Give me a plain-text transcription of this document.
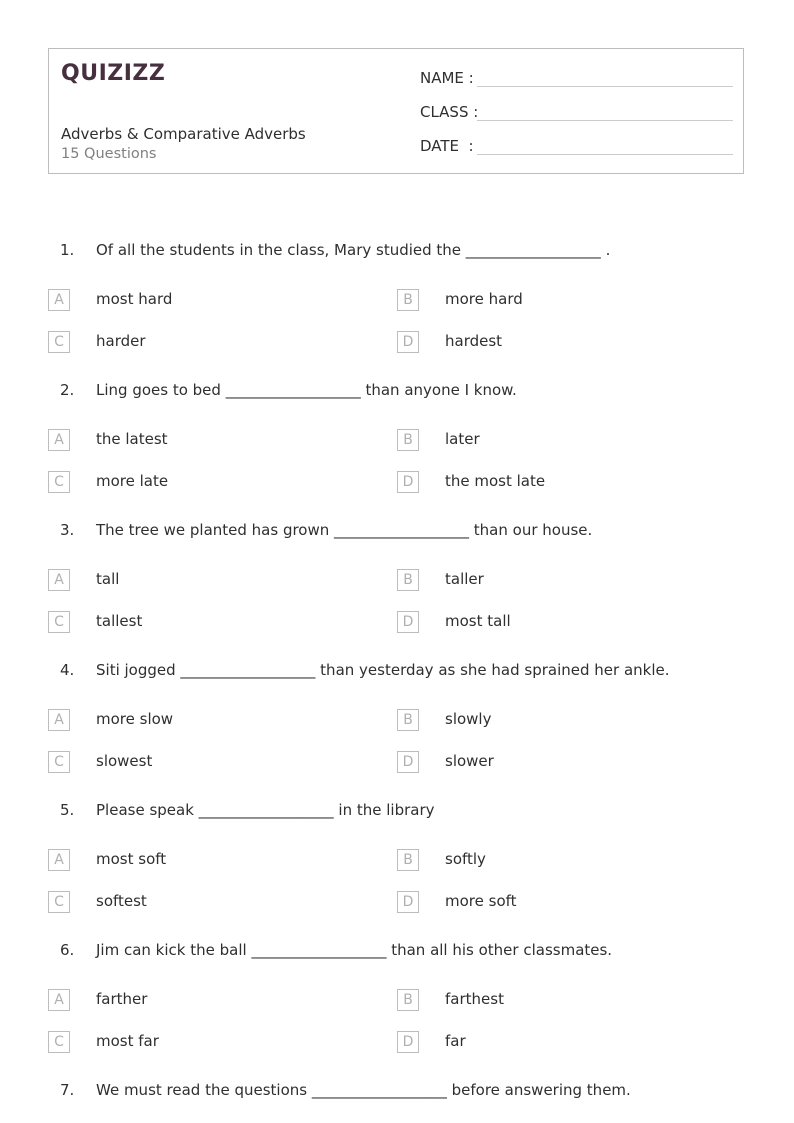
QUIZIZZ
Adverbs & Comparative Adverbs
15 Questions
NAME :
CLASS :
DATE  :
1. Of all the students in the class, Mary studied the __________________ .
A	most hard	B	more hard
C	harder	D	hardest
2. Ling goes to bed __________________ than anyone I know.
A	the latest	B	later
C	more late	D	the most late
3. The tree we planted has grown __________________ than our house.
A	tall	B	taller
C	tallest	D	most tall
4. Siti jogged __________________ than yesterday as she had sprained her ankle.
A	more slow	B	slowly
C	slowest	D	slower
5. Please speak __________________ in the library
A	most soft	B	softly
C	softest	D	more soft
6. Jim can kick the ball __________________ than all his other classmates.
A	farther	B	farthest
C	most far	D	far
7. We must read the questions __________________ before answering them.
